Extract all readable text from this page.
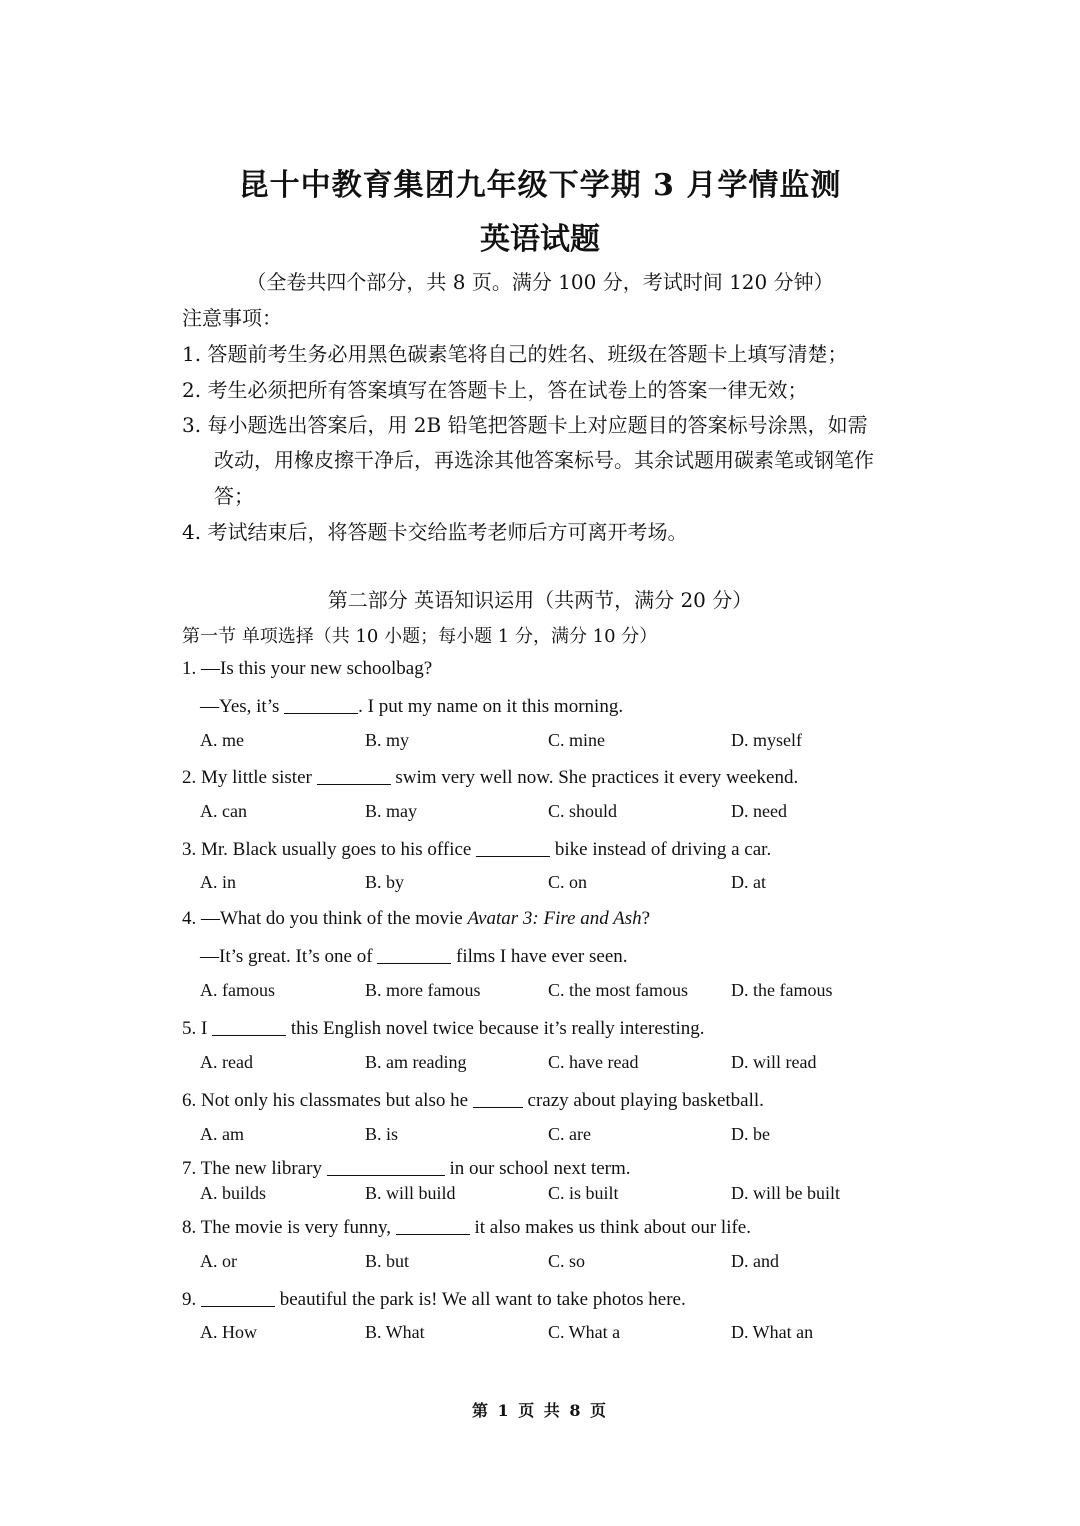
昆十中教育集团九年级下学期 3 月学情监测
英语试题
（全卷共四个部分，共 8 页。满分 100 分，考试时间 120 分钟）
注意事项：
1. 答题前考生务必用黑色碳素笔将自己的姓名、班级在答题卡上填写清楚；
2. 考生必须把所有答案填写在答题卡上，答在试卷上的答案一律无效；
3. 每小题选出答案后，用 2B 铅笔把答题卡上对应题目的答案标号涂黑，如需
改动，用橡皮擦干净后，再选涂其他答案标号。其余试题用碳素笔或钢笔作
答；
4. 考试结束后，将答题卡交给监考老师后方可离开考场。
第二部分 英语知识运用（共两节，满分 20 分）
第一节 单项选择（共 10 小题；每小题 1 分，满分 10 分）
1. —Is this your new schoolbag?
—Yes, it’s	. I put my name on it this morning.
A. me	B. my	C. mine	D. myself
2. My little sister	swim very well now. She practices it every weekend.
A. can	B. may	C. should	D. need
3. Mr. Black usually goes to his office	bike instead of driving a car.
A. in	B. by	C. on	D. at
4. —What do you think of the movie Avatar 3: Fire and Ash?
—It’s great. It’s one of	films I have ever seen.
A. famous	B. more famous	C. the most famous D. the famous
5. I	this English novel twice because it’s really interesting.
A. read	B. am reading	C. have read	D. will read
6. Not only his classmates but also he	crazy about playing basketball.
A. am	B. is	C. are	D. be
7. The new library	in our school next term.
A. builds	B. will build	C. is built	D. will be built
8. The movie is very funny,	it also makes us think about our life.
A. or	B. but	C. so	D. and
9.	beautiful the park is! We all want to take photos here.
A. How	B. What	C. What a	D. What an
第 1 页 共 8 页
